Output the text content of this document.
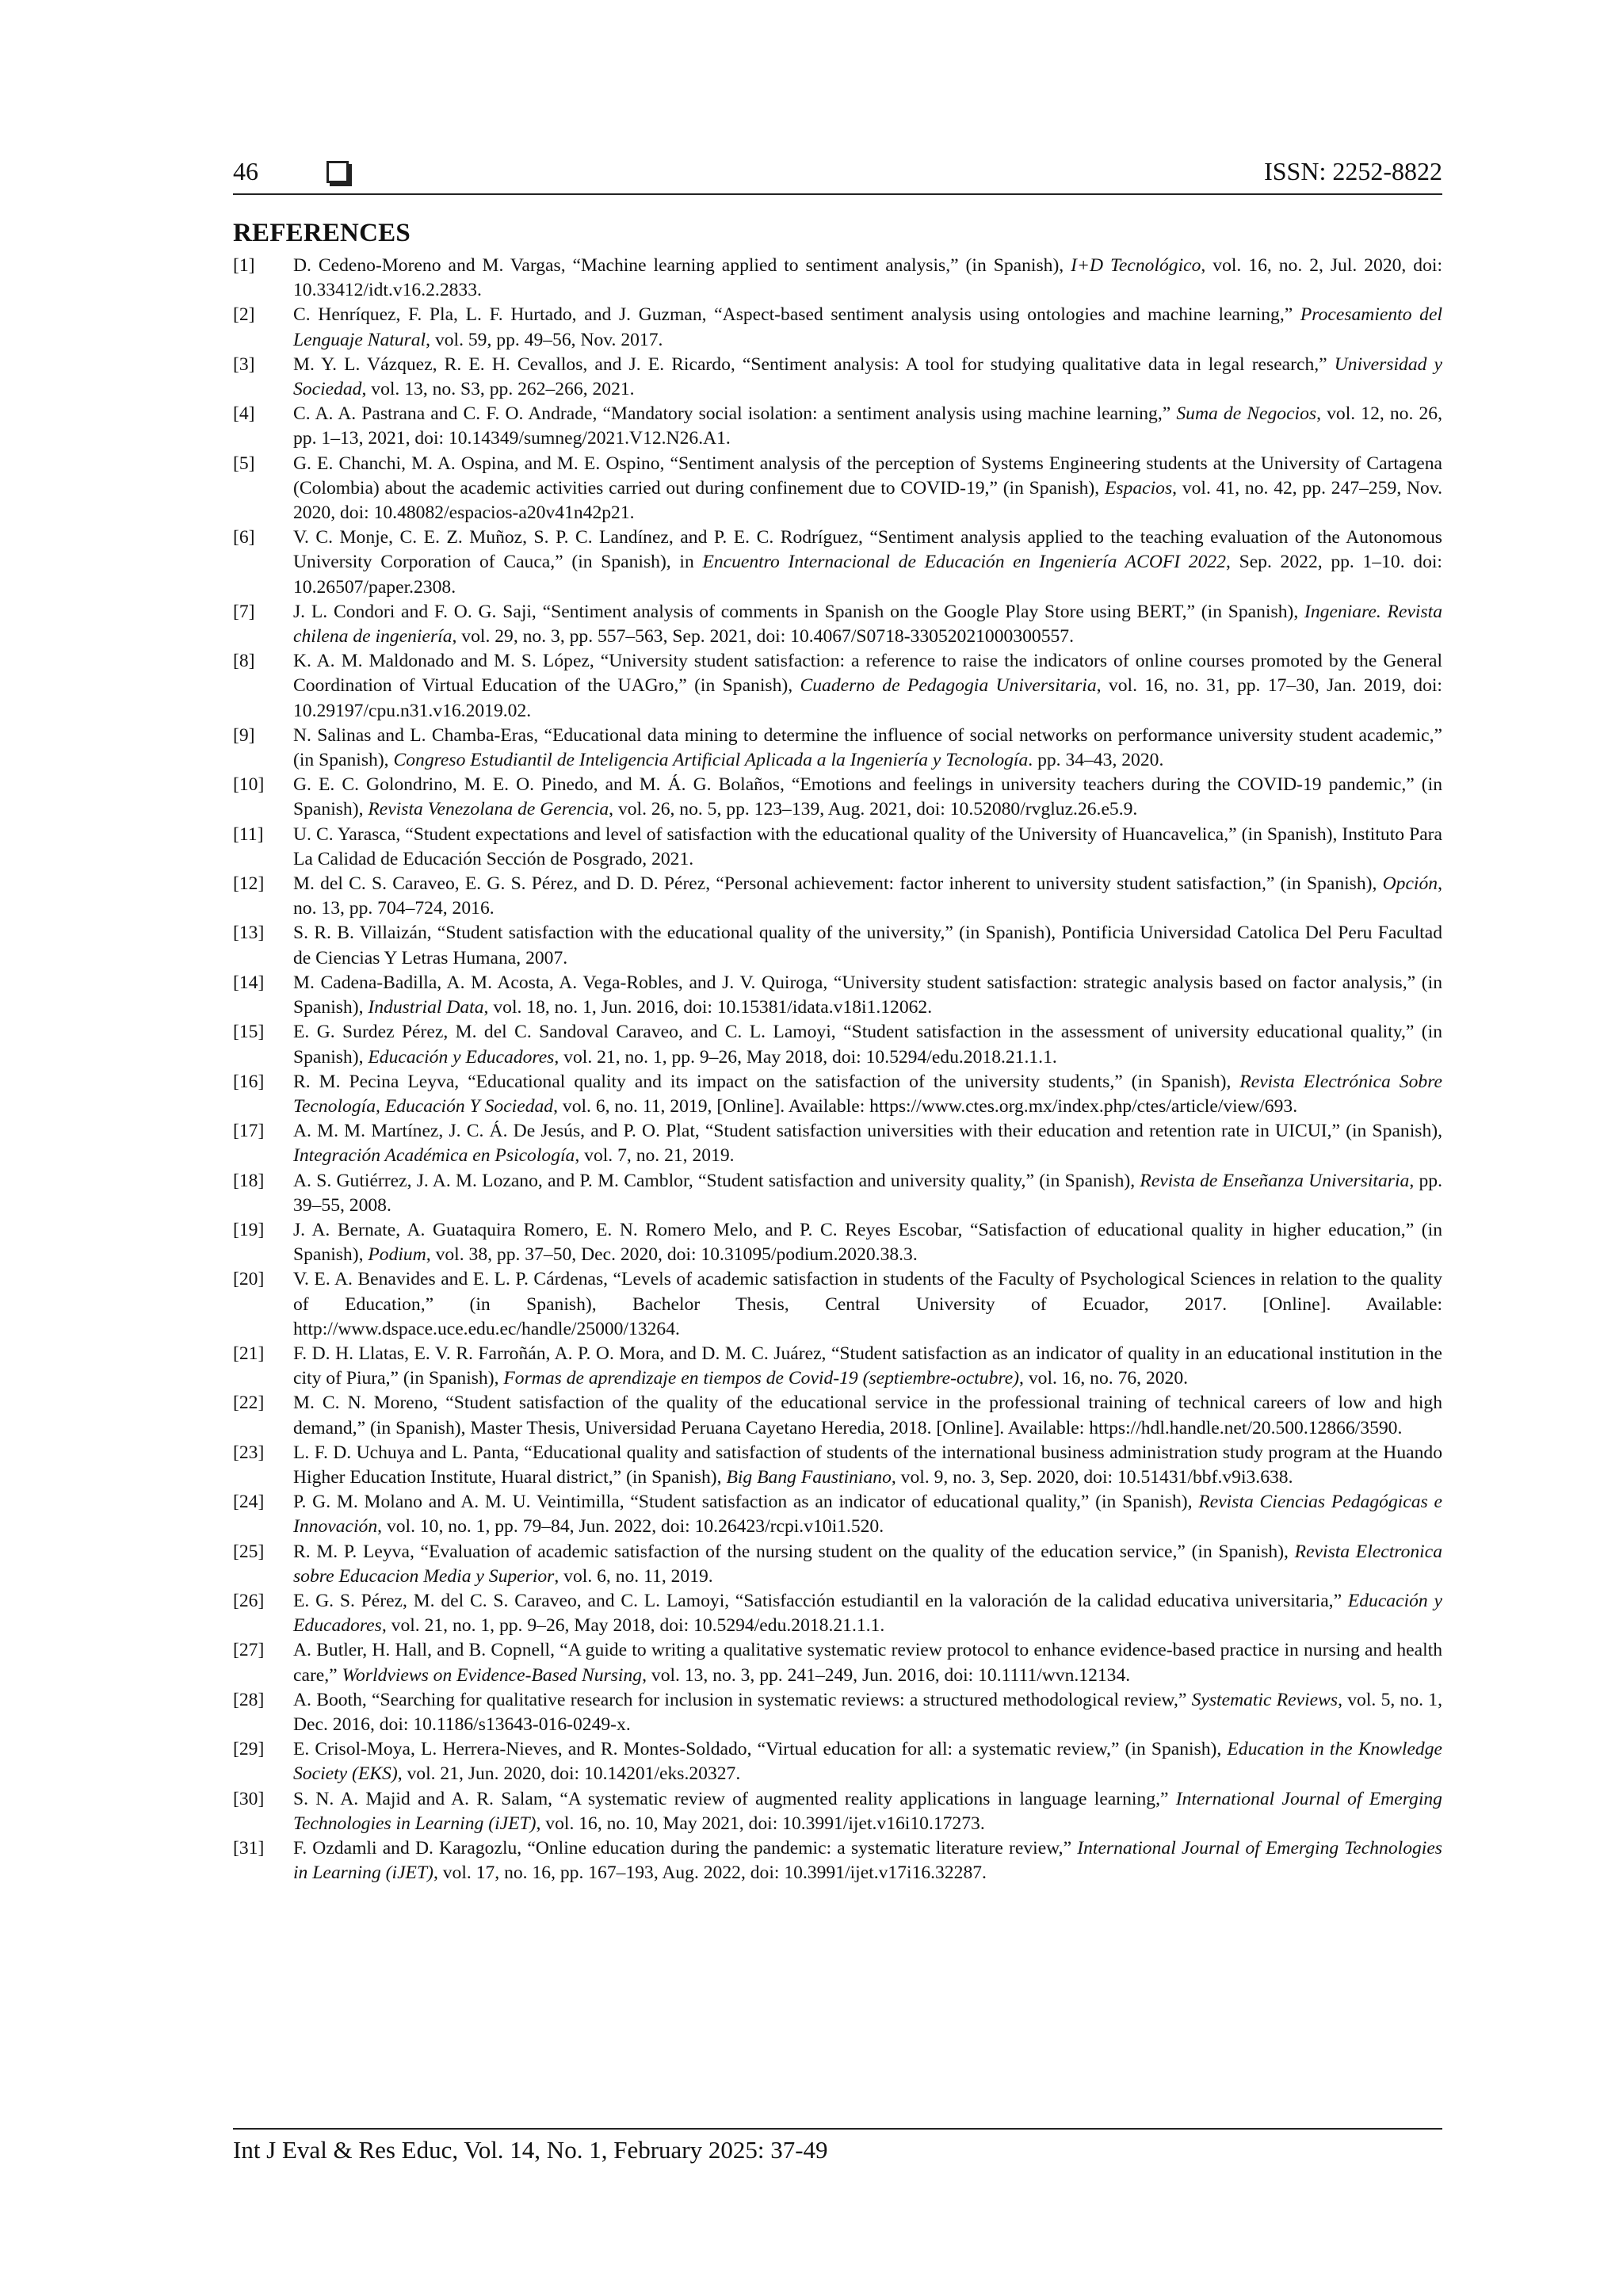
46	ISSN: 2252-8822
REFERENCES
[1]	D. Cedeno-Moreno and M. Vargas, “Machine learning applied to sentiment analysis,” (in Spanish), I+D Tecnológico, vol. 16, no. 2, Jul. 2020, doi: 10.33412/idt.v16.2.2833.
[2]	C. Henríquez, F. Pla, L. F. Hurtado, and J. Guzman, “Aspect-based sentiment analysis using ontologies and machine learning,” Procesamiento del Lenguaje Natural, vol. 59, pp. 49–56, Nov. 2017.
[3]	M. Y. L. Vázquez, R. E. H. Cevallos, and J. E. Ricardo, “Sentiment analysis: A tool for studying qualitative data in legal research,” Universidad y Sociedad, vol. 13, no. S3, pp. 262–266, 2021.
[4]	C. A. A. Pastrana and C. F. O. Andrade, “Mandatory social isolation: a sentiment analysis using machine learning,” Suma de Negocios, vol. 12, no. 26, pp. 1–13, 2021, doi: 10.14349/sumneg/2021.V12.N26.A1.
[5]	G. E. Chanchi, M. A. Ospina, and M. E. Ospino, “Sentiment analysis of the perception of Systems Engineering students at the University of Cartagena (Colombia) about the academic activities carried out during confinement due to COVID-19,” (in Spanish), Espacios, vol. 41, no. 42, pp. 247–259, Nov. 2020, doi: 10.48082/espacios-a20v41n42p21.
[6]	V. C. Monje, C. E. Z. Muñoz, S. P. C. Landínez, and P. E. C. Rodríguez, “Sentiment analysis applied to the teaching evaluation of the Autonomous University Corporation of Cauca,” (in Spanish), in Encuentro Internacional de Educación en Ingeniería ACOFI 2022, Sep. 2022, pp. 1–10. doi: 10.26507/paper.2308.
[7]	J. L. Condori and F. O. G. Saji, “Sentiment analysis of comments in Spanish on the Google Play Store using BERT,” (in Spanish), Ingeniare. Revista chilena de ingeniería, vol. 29, no. 3, pp. 557–563, Sep. 2021, doi: 10.4067/S0718-33052021000300557.
[8]	K. A. M. Maldonado and M. S. López, “University student satisfaction: a reference to raise the indicators of online courses promoted by the General Coordination of Virtual Education of the UAGro,” (in Spanish), Cuaderno de Pedagogia Universitaria, vol. 16, no. 31, pp. 17–30, Jan. 2019, doi: 10.29197/cpu.n31.v16.2019.02.
[9]	N. Salinas and L. Chamba-Eras, “Educational data mining to determine the influence of social networks on performance university student academic,” (in Spanish), Congreso Estudiantil de Inteligencia Artificial Aplicada a la Ingeniería y Tecnología. pp. 34–43, 2020.
[10]	G. E. C. Golondrino, M. E. O. Pinedo, and M. Á. G. Bolaños, “Emotions and feelings in university teachers during the COVID-19 pandemic,” (in Spanish), Revista Venezolana de Gerencia, vol. 26, no. 5, pp. 123–139, Aug. 2021, doi: 10.52080/rvgluz.26.e5.9.
[11]	U. C. Yarasca, “Student expectations and level of satisfaction with the educational quality of the University of Huancavelica,” (in Spanish), Instituto Para La Calidad de Educación Sección de Posgrado, 2021.
[12]	M. del C. S. Caraveo, E. G. S. Pérez, and D. D. Pérez, “Personal achievement: factor inherent to university student satisfaction,” (in Spanish), Opción, no. 13, pp. 704–724, 2016.
[13]	S. R. B. Villaizán, “Student satisfaction with the educational quality of the university,” (in Spanish), Pontificia Universidad Catolica Del Peru Facultad de Ciencias Y Letras Humana, 2007.
[14]	M. Cadena-Badilla, A. M. Acosta, A. Vega-Robles, and J. V. Quiroga, “University student satisfaction: strategic analysis based on factor analysis,” (in Spanish), Industrial Data, vol. 18, no. 1, Jun. 2016, doi: 10.15381/idata.v18i1.12062.
[15]	E. G. Surdez Pérez, M. del C. Sandoval Caraveo, and C. L. Lamoyi, “Student satisfaction in the assessment of university educational quality,” (in Spanish), Educación y Educadores, vol. 21, no. 1, pp. 9–26, May 2018, doi: 10.5294/edu.2018.21.1.1.
[16]	R. M. Pecina Leyva, “Educational quality and its impact on the satisfaction of the university students,” (in Spanish), Revista Electrónica Sobre Tecnología, Educación Y Sociedad, vol. 6, no. 11, 2019, [Online]. Available: https://www.ctes.org.mx/index.php/ctes/article/view/693.
[17]	A. M. M. Martínez, J. C. Á. De Jesús, and P. O. Plat, “Student satisfaction universities with their education and retention rate in UICUI,” (in Spanish), Integración Académica en Psicología, vol. 7, no. 21, 2019.
[18]	A. S. Gutiérrez, J. A. M. Lozano, and P. M. Camblor, “Student satisfaction and university quality,” (in Spanish), Revista de Enseñanza Universitaria, pp. 39–55, 2008.
[19]	J. A. Bernate, A. Guataquira Romero, E. N. Romero Melo, and P. C. Reyes Escobar, “Satisfaction of educational quality in higher education,” (in Spanish), Podium, vol. 38, pp. 37–50, Dec. 2020, doi: 10.31095/podium.2020.38.3.
[20]	V. E. A. Benavides and E. L. P. Cárdenas, “Levels of academic satisfaction in students of the Faculty of Psychological Sciences in relation to the quality of Education,” (in Spanish), Bachelor Thesis, Central University of Ecuador, 2017. [Online]. Available: http://www.dspace.uce.edu.ec/handle/25000/13264.
[21]	F. D. H. Llatas, E. V. R. Farroñán, A. P. O. Mora, and D. M. C. Juárez, “Student satisfaction as an indicator of quality in an educational institution in the city of Piura,” (in Spanish), Formas de aprendizaje en tiempos de Covid-19 (septiembre-octubre), vol. 16, no. 76, 2020.
[22]	M. C. N. Moreno, “Student satisfaction of the quality of the educational service in the professional training of technical careers of low and high demand,” (in Spanish), Master Thesis, Universidad Peruana Cayetano Heredia, 2018. [Online]. Available: https://hdl.handle.net/20.500.12866/3590.
[23]	L. F. D. Uchuya and L. Panta, “Educational quality and satisfaction of students of the international business administration study program at the Huando Higher Education Institute, Huaral district,” (in Spanish), Big Bang Faustiniano, vol. 9, no. 3, Sep. 2020, doi: 10.51431/bbf.v9i3.638.
[24]	P. G. M. Molano and A. M. U. Veintimilla, “Student satisfaction as an indicator of educational quality,” (in Spanish), Revista Ciencias Pedagógicas e Innovación, vol. 10, no. 1, pp. 79–84, Jun. 2022, doi: 10.26423/rcpi.v10i1.520.
[25]	R. M. P. Leyva, “Evaluation of academic satisfaction of the nursing student on the quality of the education service,” (in Spanish), Revista Electronica sobre Educacion Media y Superior, vol. 6, no. 11, 2019.
[26]	E. G. S. Pérez, M. del C. S. Caraveo, and C. L. Lamoyi, “Satisfacción estudiantil en la valoración de la calidad educativa universitaria,” Educación y Educadores, vol. 21, no. 1, pp. 9–26, May 2018, doi: 10.5294/edu.2018.21.1.1.
[27]	A. Butler, H. Hall, and B. Copnell, “A guide to writing a qualitative systematic review protocol to enhance evidence-based practice in nursing and health care,” Worldviews on Evidence-Based Nursing, vol. 13, no. 3, pp. 241–249, Jun. 2016, doi: 10.1111/wvn.12134.
[28]	A. Booth, “Searching for qualitative research for inclusion in systematic reviews: a structured methodological review,” Systematic Reviews, vol. 5, no. 1, Dec. 2016, doi: 10.1186/s13643-016-0249-x.
[29]	E. Crisol-Moya, L. Herrera-Nieves, and R. Montes-Soldado, “Virtual education for all: a systematic review,” (in Spanish), Education in the Knowledge Society (EKS), vol. 21, Jun. 2020, doi: 10.14201/eks.20327.
[30]	S. N. A. Majid and A. R. Salam, “A systematic review of augmented reality applications in language learning,” International Journal of Emerging Technologies in Learning (iJET), vol. 16, no. 10, May 2021, doi: 10.3991/ijet.v16i10.17273.
[31]	F. Ozdamli and D. Karagozlu, “Online education during the pandemic: a systematic literature review,” International Journal of Emerging Technologies in Learning (iJET), vol. 17, no. 16, pp. 167–193, Aug. 2022, doi: 10.3991/ijet.v17i16.32287.
Int J Eval & Res Educ, Vol. 14, No. 1, February 2025: 37-49
